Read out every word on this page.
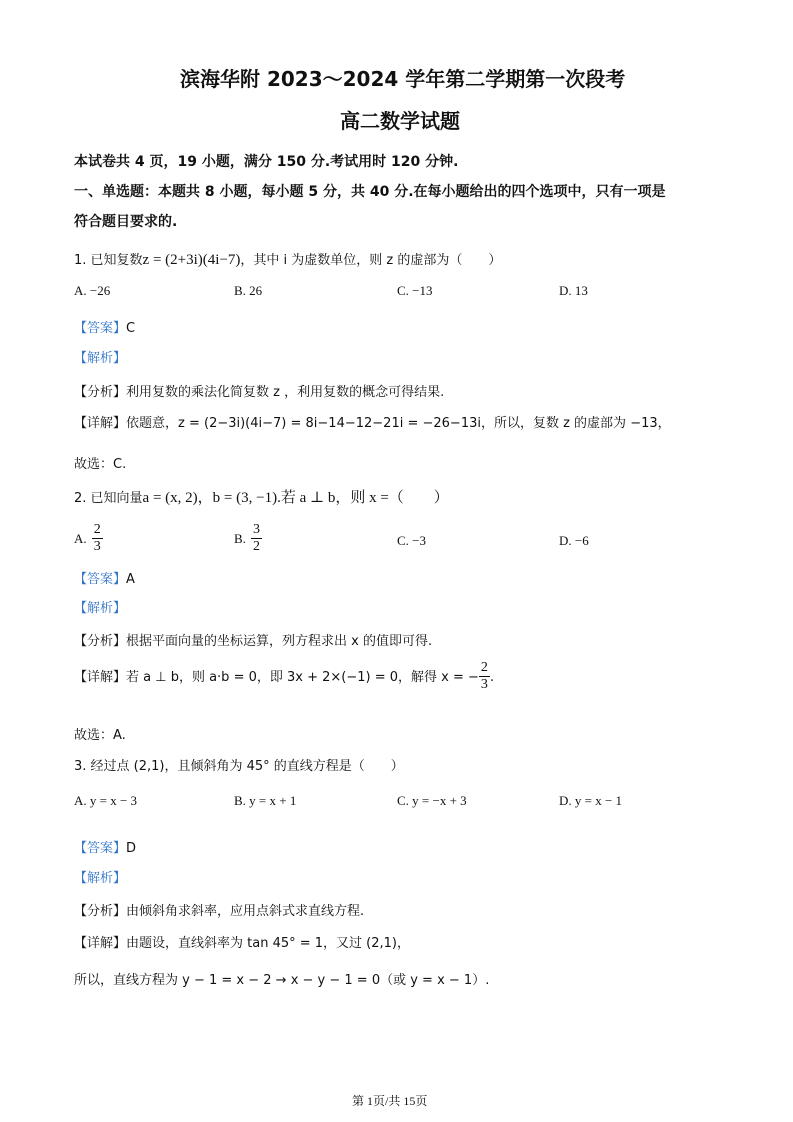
滨海华附 2023～2024 学年第二学期第一次段考
高二数学试题
本试卷共 4 页，19 小题，满分 150 分.考试用时 120 分钟.
一、单选题：本题共 8 小题，每小题 5 分，共 40 分.在每小题给出的四个选项中，只有一项是
符合题目要求的.
1. 已知复数z = (2+3i)(4i−7)，其中 i 为虚数单位，则 z 的虚部为（　　）
A. −26	B. 26	C. −13	D. 13
【答案】C
【解析】
【分析】利用复数的乘法化简复数 z ，利用复数的概念可得结果.
【详解】依题意，z = (2−3i)(4i−7) = 8i−14−12−21i = −26−13i，所以，复数 z 的虚部为 −13，
故选：C.
2. 已知向量a = (x, 2)，b = (3, −1).若 a ⊥ b，则 x =（　　）
A. $\frac{2}{3}$	B. $\frac{3}{2}$	C. −3	D. −6
【答案】A
【解析】
【分析】根据平面向量的坐标运算，列方程求出 x 的值即可得.
【详解】若 a ⊥ b，则 a·b = 0，即 3x + 2×(−1) = 0，解得 x = − $\frac{2}{3}$ .
故选：A.
3. 经过点 (2,1)，且倾斜角为 45° 的直线方程是（　　）
A. y = x − 3	B. y = x + 1	C. y = −x + 3	D. y = x − 1
【答案】D
【解析】
【分析】由倾斜角求斜率，应用点斜式求直线方程.
【详解】由题设，直线斜率为 tan 45° = 1，又过 (2,1)，
所以，直线方程为 y − 1 = x − 2 → x − y − 1 = 0（或 y = x − 1）.
第 1页/共 15页
